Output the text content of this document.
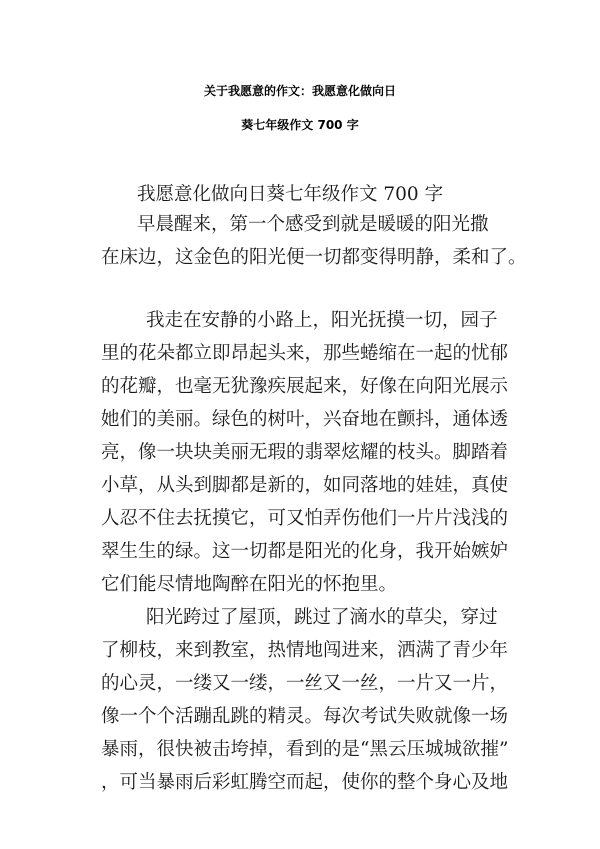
关于我愿意的作文：我愿意化做向日
葵七年级作文 700 字
我愿意化做向日葵七年级作文 700 字
早晨醒来，第一个感受到就是暖暖的阳光撒
在床边，这金色的阳光便一切都变得明静，柔和了。
我走在安静的小路上，阳光抚摸一切，园子
里的花朵都立即昂起头来，那些蜷缩在一起的忧郁
的花瓣，也毫无犹豫疾展起来，好像在向阳光展示
她们的美丽。绿色的树叶，兴奋地在颤抖，通体透
亮，像一块块美丽无瑕的翡翠炫耀的枝头。脚踏着
小草，从头到脚都是新的，如同落地的娃娃，真使
人忍不住去抚摸它，可又怕弄伤他们一片片浅浅的
翠生生的绿。这一切都是阳光的化身，我开始嫉妒
它们能尽情地陶醉在阳光的怀抱里。
阳光跨过了屋顶，跳过了滴水的草尖，穿过
了柳枝，来到教室，热情地闯进来，洒满了青少年
的心灵，一缕又一缕，一丝又一丝，一片又一片，
像一个个活蹦乱跳的精灵。每次考试失败就像一场
暴雨，很快被击垮掉，看到的是“黑云压城城欲摧”
，可当暴雨后彩虹腾空而起，使你的整个身心及地
